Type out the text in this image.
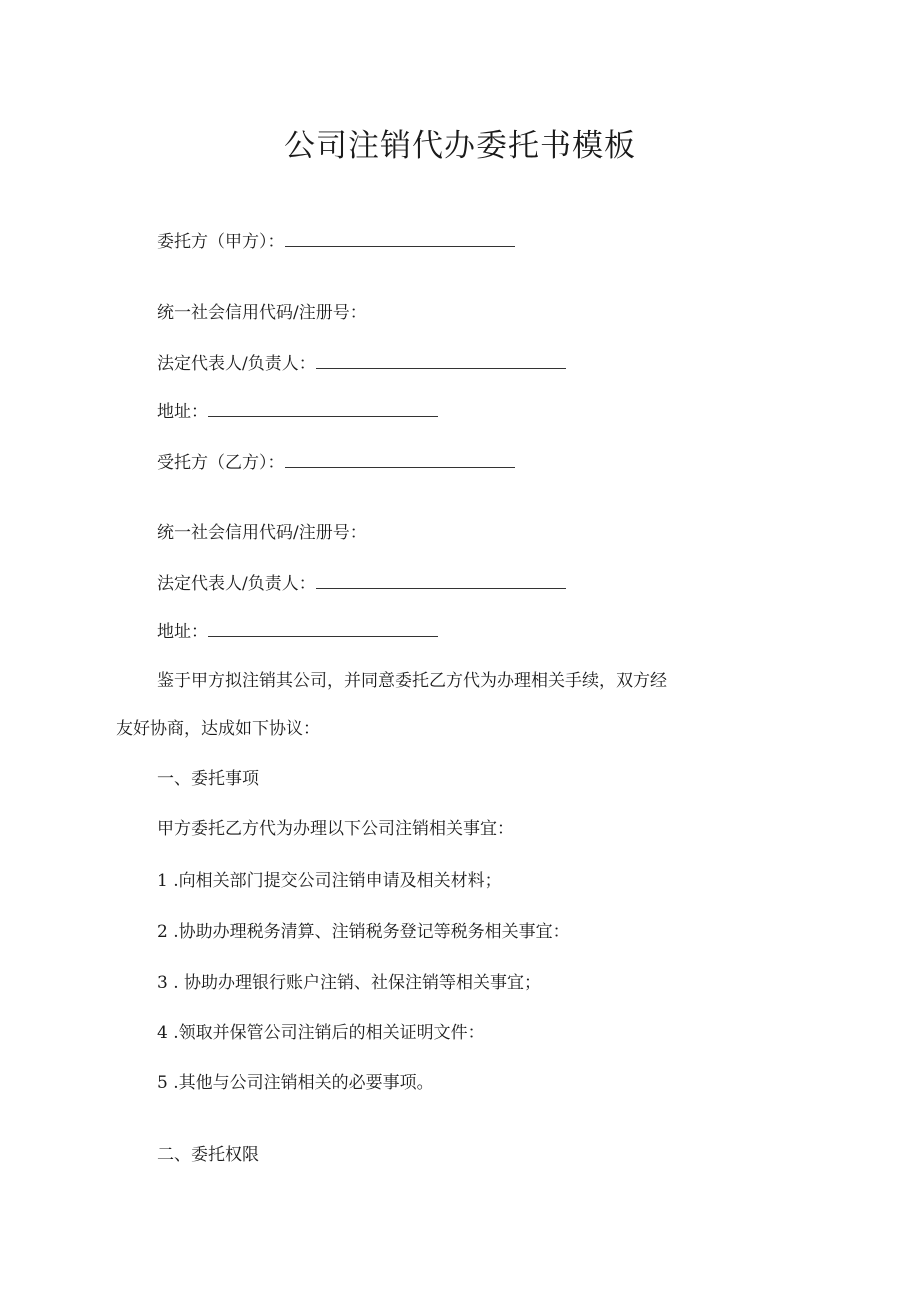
公司注销代办委托书模板
委托方（甲方）：
统一社会信用代码/注册号：
法定代表人/负责人：
地址：
受托方（乙方）：
统一社会信用代码/注册号：
法定代表人/负责人：
地址：
鉴于甲方拟注销其公司，并同意委托乙方代为办理相关手续，双方经
友好协商，达成如下协议：
一、委托事项
甲方委托乙方代为办理以下公司注销相关事宜：
1 .向相关部门提交公司注销申请及相关材料；
2 .协助办理税务清算、注销税务登记等税务相关事宜：
3 . 协助办理银行账户注销、社保注销等相关事宜；
4 .领取并保管公司注销后的相关证明文件：
5 .其他与公司注销相关的必要事项。
二、委托权限
